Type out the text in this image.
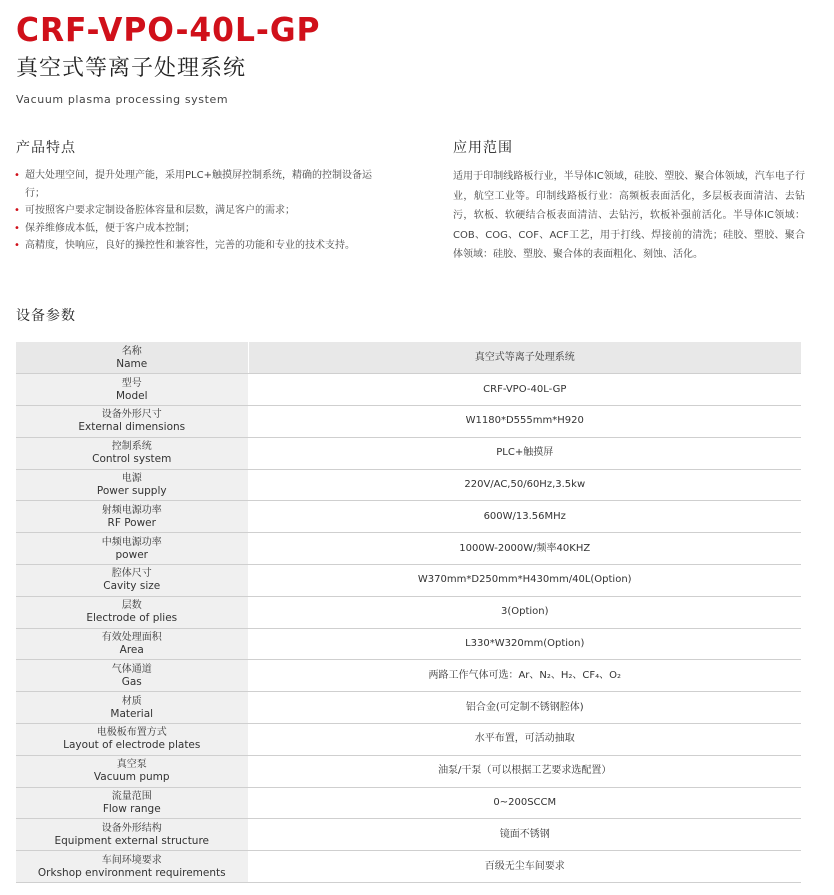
CRF-VPO-40L-GP
真空式等离子处理系统
Vacuum plasma processing system
产品特点
• 超大处理空间，提升处理产能，采用PLC+触摸屏控制系统，精确的控制设备运行；
• 可按照客户要求定制设备腔体容量和层数，满足客户的需求；
• 保养维修成本低，便于客户成本控制；
• 高精度，快响应，良好的操控性和兼容性，完善的功能和专业的技术支持。
应用范围
适用于印制线路板行业，半导体IC领域，硅胶、塑胶、聚合体领域，汽车电子行业，航空工业等。印制线路板行业：高频板表面活化，多层板表面清洁、去钻污，软板、软硬结合板表面清洁、去钻污，软板补强前活化。半导体IC领域：COB、COG、COF、ACF工艺，用于打线、焊接前的清洗；硅胶、塑胶、聚合体领域：硅胶、塑胶、聚合体的表面粗化、刻蚀、活化。
设备参数
名称
Name	真空式等离子处理系统

型号
Model	CRF-VPO-40L-GP

设备外形尺寸
External dimensions	W1180*D555mm*H920

控制系统
Control system	PLC+触摸屏

电源
Power supply	220V/AC,50/60Hz,3.5kw

射频电源功率
RF Power	600W/13.56MHz

中频电源功率
power	1000W-2000W/频率40KHZ

腔体尺寸
Cavity size	W370mm*D250mm*H430mm/40L(Option)

层数
Electrode of plies	3(Option)

有效处理面积
Area	L330*W320mm(Option)

气体通道
Gas	两路工作气体可选：Ar、N₂、H₂、CF₄、O₂

材质
Material	铝合金(可定制不锈钢腔体)

电极板布置方式
Layout of electrode plates	水平布置，可活动抽取

真空泵
Vacuum pump	油泵/干泵（可以根据工艺要求选配置）

流量范围
Flow range	0~200SCCM

设备外形结构
Equipment external structure	镜面不锈钢

车间环境要求
Orkshop environment requirements	百级无尘车间要求
